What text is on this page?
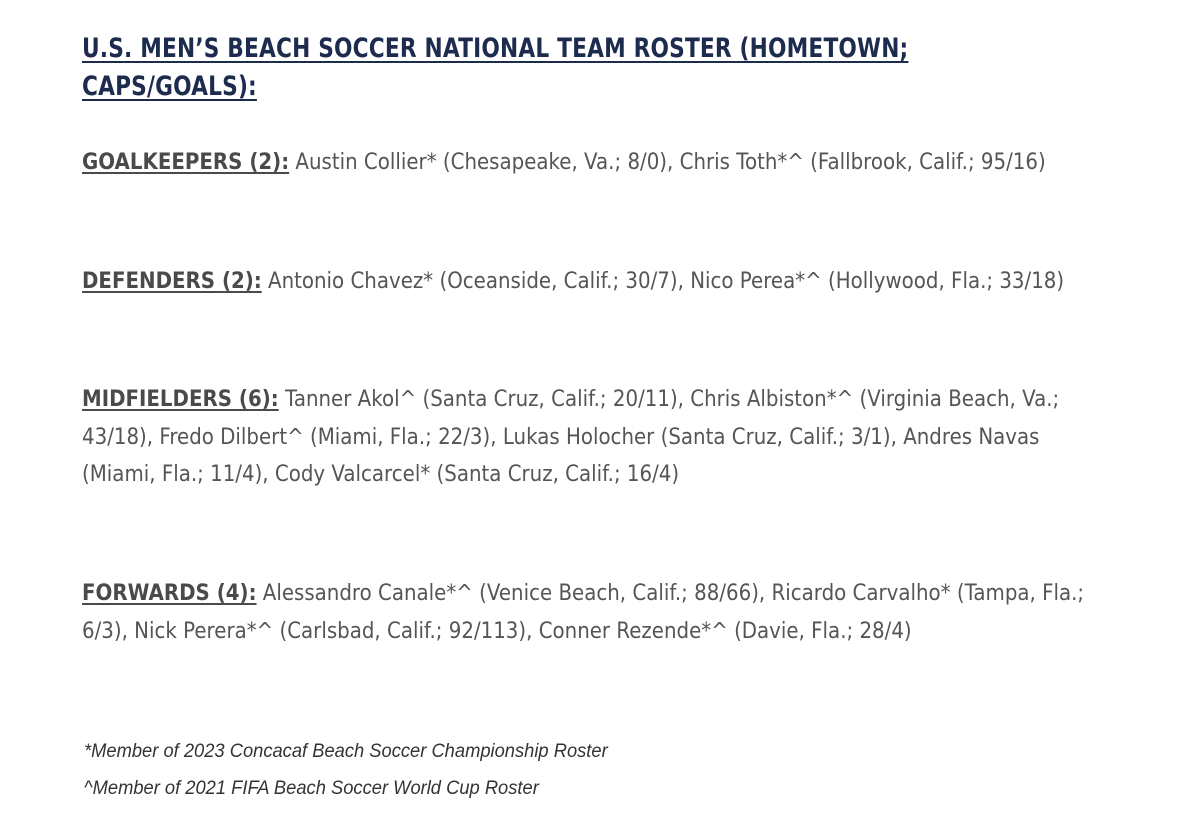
U.S. MEN’S BEACH SOCCER NATIONAL TEAM ROSTER (HOMETOWN; CAPS/GOALS):

GOALKEEPERS (2): Austin Collier* (Chesapeake, Va.; 8/0), Chris Toth*^ (Fallbrook, Calif.; 95/16)

DEFENDERS (2): Antonio Chavez* (Oceanside, Calif.; 30/7), Nico Perea*^ (Hollywood, Fla.; 33/18)

MIDFIELDERS (6): Tanner Akol^ (Santa Cruz, Calif.; 20/11), Chris Albiston*^ (Virginia Beach, Va.; 43/18), Fredo Dilbert^ (Miami, Fla.; 22/3), Lukas Holocher (Santa Cruz, Calif.; 3/1), Andres Navas (Miami, Fla.; 11/4), Cody Valcarcel* (Santa Cruz, Calif.; 16/4)

FORWARDS (4): Alessandro Canale*^ (Venice Beach, Calif.; 88/66), Ricardo Carvalho* (Tampa, Fla.; 6/3), Nick Perera*^ (Carlsbad, Calif.; 92/113), Conner Rezende*^ (Davie, Fla.; 28/4)

*Member of 2023 Concacaf Beach Soccer Championship Roster

^Member of 2021 FIFA Beach Soccer World Cup Roster
